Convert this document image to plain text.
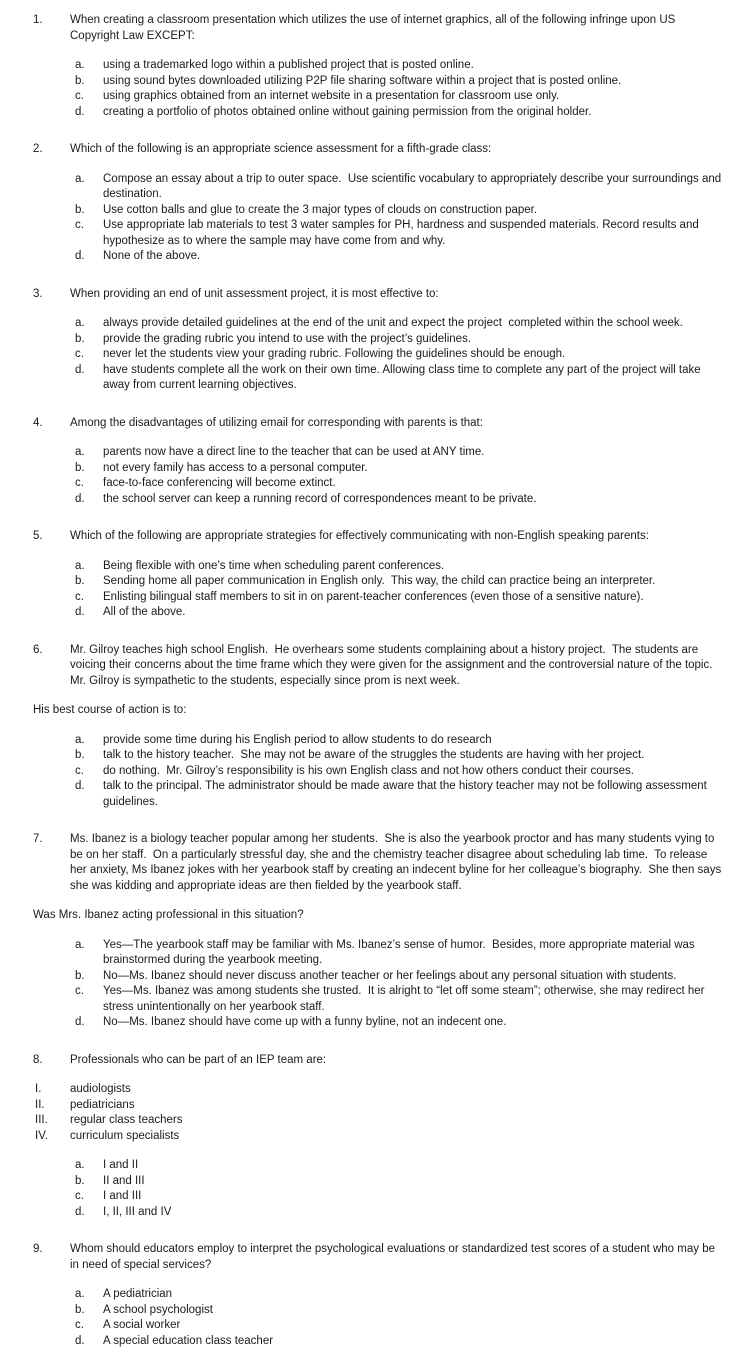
1.	When creating a classroom presentation which utilizes the use of internet graphics, all of the following infringe upon US Copyright Law EXCEPT:
a.	using a trademarked logo within a published project that is posted online.
b.	using sound bytes downloaded utilizing P2P file sharing software within a project that is posted online.
c.	using graphics obtained from an internet website in a presentation for classroom use only.
d.	creating a portfolio of photos obtained online without gaining permission from the original holder.
2.	Which of the following is an appropriate science assessment for a fifth-grade class:
a.	Compose an essay about a trip to outer space.  Use scientific vocabulary to appropriately describe your surroundings and destination.
b.	Use cotton balls and glue to create the 3 major types of clouds on construction paper.
c.	Use appropriate lab materials to test 3 water samples for PH, hardness and suspended materials. Record results and hypothesize as to where the sample may have come from and why.
d.	None of the above.
3.	When providing an end of unit assessment project, it is most effective to:
a.	always provide detailed guidelines at the end of the unit and expect the project  completed within the school week.
b.	provide the grading rubric you intend to use with the project’s guidelines.
c.	never let the students view your grading rubric. Following the guidelines should be enough.
d.	have students complete all the work on their own time. Allowing class time to complete any part of the project will take away from current learning objectives.
4.	Among the disadvantages of utilizing email for corresponding with parents is that:
a.	parents now have a direct line to the teacher that can be used at ANY time.
b.	not every family has access to a personal computer.
c.	face-to-face conferencing will become extinct.
d.	the school server can keep a running record of correspondences meant to be private.
5.	Which of the following are appropriate strategies for effectively communicating with non-English speaking parents:
a.	Being flexible with one’s time when scheduling parent conferences.
b.	Sending home all paper communication in English only.  This way, the child can practice being an interpreter.
c.	Enlisting bilingual staff members to sit in on parent-teacher conferences (even those of a sensitive nature).
d.	All of the above.
6.	Mr. Gilroy teaches high school English.  He overhears some students complaining about a history project.  The students are voicing their concerns about the time frame which they were given for the assignment and the controversial nature of the topic.  Mr. Gilroy is sympathetic to the students, especially since prom is next week.
His best course of action is to:
a.	provide some time during his English period to allow students to do research
b.	talk to the history teacher.  She may not be aware of the struggles the students are having with her project.
c.	do nothing.  Mr. Gilroy’s responsibility is his own English class and not how others conduct their courses.
d.	talk to the principal. The administrator should be made aware that the history teacher may not be following assessment guidelines.
7.	Ms. Ibanez is a biology teacher popular among her students.  She is also the yearbook proctor and has many students vying to be on her staff.  On a particularly stressful day, she and the chemistry teacher disagree about scheduling lab time.  To release her anxiety, Ms Ibanez jokes with her yearbook staff by creating an indecent byline for her colleague’s biography.  She then says she was kidding and appropriate ideas are then fielded by the yearbook staff.
Was Mrs. Ibanez acting professional in this situation?
a.	Yes—The yearbook staff may be familiar with Ms. Ibanez’s sense of humor.  Besides, more appropriate material was brainstormed during the yearbook meeting.
b.	No—Ms. Ibanez should never discuss another teacher or her feelings about any personal situation with students.
c.	Yes—Ms. Ibanez was among students she trusted.  It is alright to “let off some steam”; otherwise, she may redirect her stress unintentionally on her yearbook staff.
d.	No—Ms. Ibanez should have come up with a funny byline, not an indecent one.
8.	Professionals who can be part of an IEP team are:
I.	audiologists
II.	pediatricians
III.	regular class teachers
IV.	curriculum specialists
a.	I and II
b.	II and III
c.	I and III
d.	I, II, III and IV
9.	Whom should educators employ to interpret the psychological evaluations or standardized test scores of a student who may be in need of special services?
a.	A pediatrician
b.	A school psychologist
c.	A social worker
d.	A special education class teacher
